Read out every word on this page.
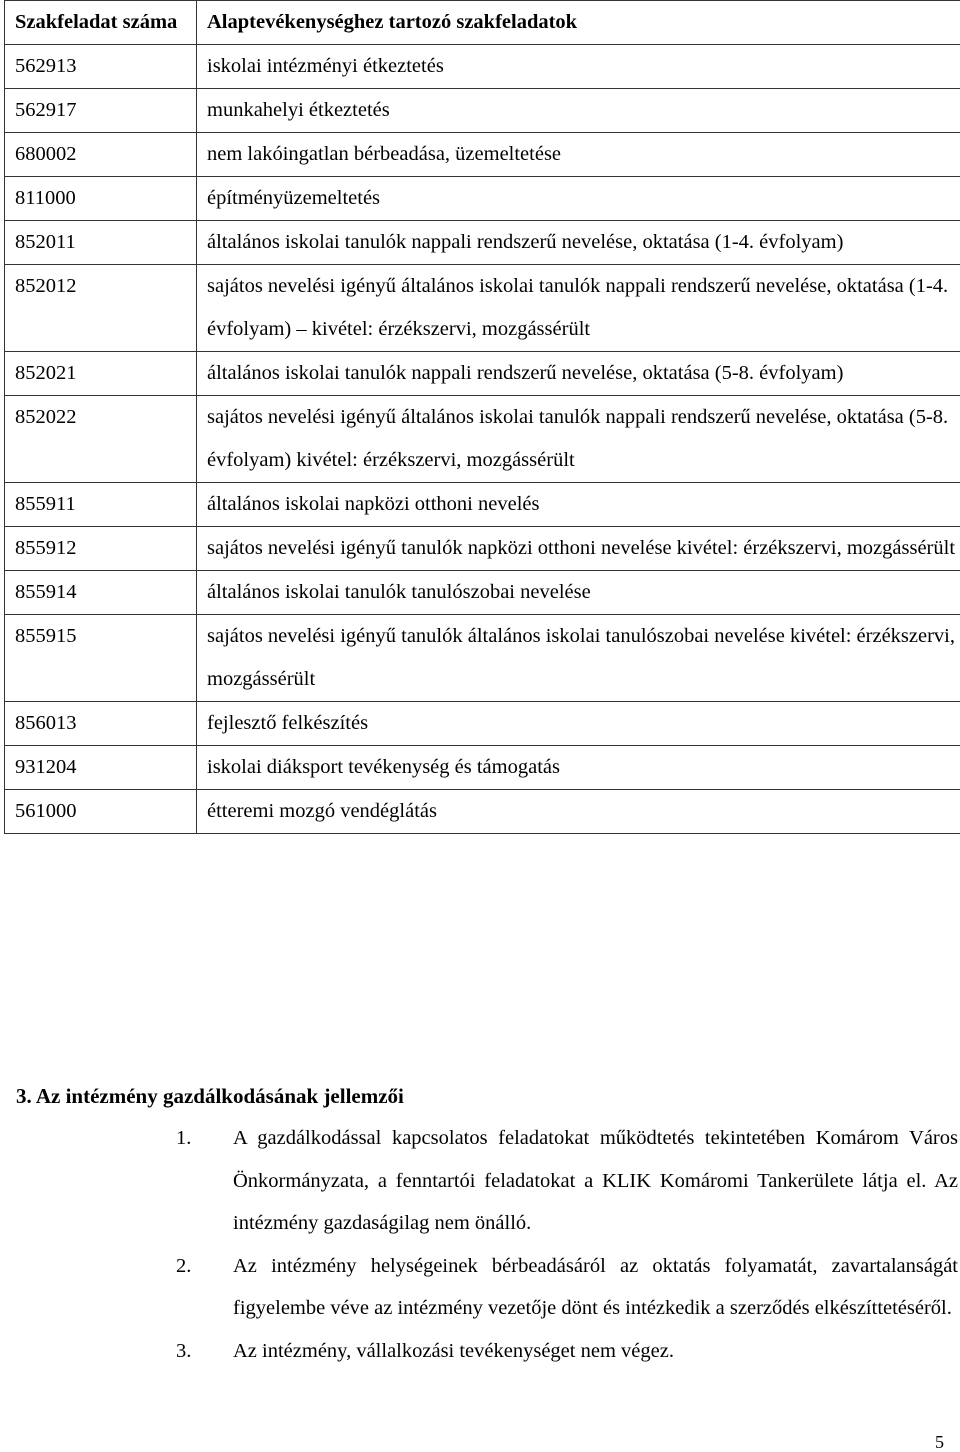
Szakfeladat száma	Alaptevékenységhez tartozó szakfeladatok
562913	iskolai intézményi étkeztetés
562917	munkahelyi étkeztetés
680002	nem lakóingatlan bérbeadása, üzemeltetése
811000	építményüzemeltetés
852011	általános iskolai tanulók nappali rendszerű nevelése, oktatása (1-4. évfolyam)
852012	sajátos nevelési igényű általános iskolai tanulók nappali rendszerű nevelése, oktatása (1-4. évfolyam) – kivétel: érzékszervi, mozgássérült
852021	általános iskolai tanulók nappali rendszerű nevelése, oktatása (5-8. évfolyam)
852022	sajátos nevelési igényű általános iskolai tanulók nappali rendszerű nevelése, oktatása (5-8. évfolyam) kivétel: érzékszervi, mozgássérült
855911	általános iskolai napközi otthoni nevelés
855912	sajátos nevelési igényű tanulók napközi otthoni nevelése kivétel: érzékszervi, mozgássérült
855914	általános iskolai tanulók tanulószobai nevelése
855915	sajátos nevelési igényű tanulók általános iskolai tanulószobai nevelése kivétel: érzékszervi, mozgássérült
856013	fejlesztő felkészítés
931204	iskolai diáksport tevékenység és támogatás
561000	étteremi mozgó vendéglátás
3. Az intézmény gazdálkodásának jellemzői
1. A gazdálkodással kapcsolatos feladatokat működtetés tekintetében Komárom Város Önkormányzata, a fenntartói feladatokat a KLIK Komáromi Tankerülete látja el. Az intézmény gazdaságilag nem önálló.
2. Az intézmény helységeinek bérbeadásáról az oktatás folyamatát, zavartalanságát figyelembe véve az intézmény vezetője dönt és intézkedik a szerződés elkészíttetéséről.
3. Az intézmény, vállalkozási tevékenységet nem végez.
5
